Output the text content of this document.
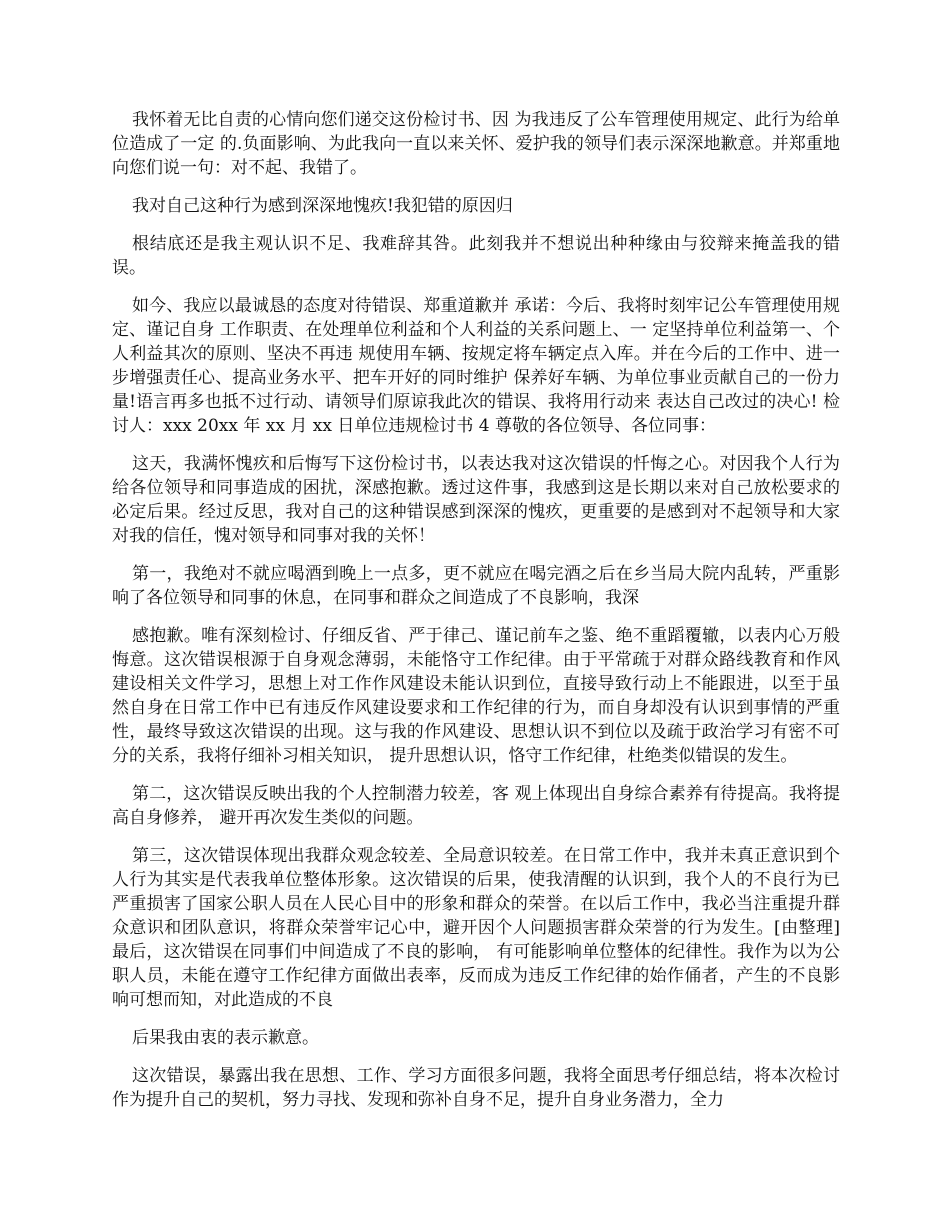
我怀着无比自责的心情向您们递交这份检讨书、因 为我违反了公车管理使用规定、此行为给单位造成了一定 的.负面影响、为此我向一直以来关怀、爱护我的领导们表示深深地歉意。并郑重地向您们说一句：对不起、我错了。

我对自己这种行为感到深深地愧疚!我犯错的原因归

根结底还是我主观认识不足、我难辞其咎。此刻我并不想说出种种缘由与狡辩来掩盖我的错误。

如今、我应以最诚恳的态度对待错误、郑重道歉并 承诺：今后、我将时刻牢记公车管理使用规定、谨记自身 工作职责、在处理单位利益和个人利益的关系问题上、一 定坚持单位利益第一、个人利益其次的原则、坚决不再违 规使用车辆、按规定将车辆定点入库。并在今后的工作中、进一步增强责任心、提高业务水平、把车开好的同时维护 保养好车辆、为单位事业贡献自己的一份力量!语言再多也抵不过行动、请领导们原谅我此次的错误、我将用行动来 表达自己改过的决心! 检讨人：xxx 20xx 年 xx 月 xx 日单位违规检讨书 4 尊敬的各位领导、各位同事：

这天，我满怀愧疚和后悔写下这份检讨书，以表达我对这次错误的忏悔之心。对因我个人行为给各位领导和同事造成的困扰，深感抱歉。透过这件事，我感到这是长期以来对自己放松要求的必定后果。经过反思，我对自己的这种错误感到深深的愧疚，更重要的是感到对不起领导和大家对我的信任，愧对领导和同事对我的关怀！

第一，我绝对不就应喝酒到晚上一点多，更不就应在喝完酒之后在乡当局大院内乱转，严重影响了各位领导和同事的休息，在同事和群众之间造成了不良影响，我深

感抱歉。唯有深刻检讨、仔细反省、严于律己、谨记前车之鉴、绝不重蹈覆辙，以表内心万般悔意。这次错误根源于自身观念薄弱，未能恪守工作纪律。由于平常疏于对群众路线教育和作风建设相关文件学习，思想上对工作作风建设未能认识到位，直接导致行动上不能跟进，以至于虽然自身在日常工作中已有违反作风建设要求和工作纪律的行为，而自身却没有认识到事情的严重性，最终导致这次错误的出现。这与我的作风建设、思想认识不到位以及疏于政治学习有密不可分的关系，我将仔细补习相关知识， 提升思想认识，恪守工作纪律，杜绝类似错误的发生。

第二，这次错误反映出我的个人控制潜力较差，客 观上体现出自身综合素养有待提高。我将提高自身修养， 避开再次发生类似的问题。

第三，这次错误体现出我群众观念较差、全局意识较差。在日常工作中，我并未真正意识到个人行为其实是代表我单位整体形象。这次错误的后果，使我清醒的认识到，我个人的不良行为已严重损害了国家公职人员在人民心目中的形象和群众的荣誉。在以后工作中，我必当注重提升群众意识和团队意识，将群众荣誉牢记心中，避开因个人问题损害群众荣誉的行为发生。[由整理] 最后，这次错误在同事们中间造成了不良的影响， 有可能影响单位整体的纪律性。我作为以为公职人员，未能在遵守工作纪律方面做出表率，反而成为违反工作纪律的始作俑者，产生的不良影响可想而知，对此造成的不良

后果我由衷的表示歉意。

这次错误，暴露出我在思想、工作、学习方面很多问题，我将全面思考仔细总结，将本次检讨作为提升自己的契机，努力寻找、发现和弥补自身不足，提升自身业务潜力，全力
